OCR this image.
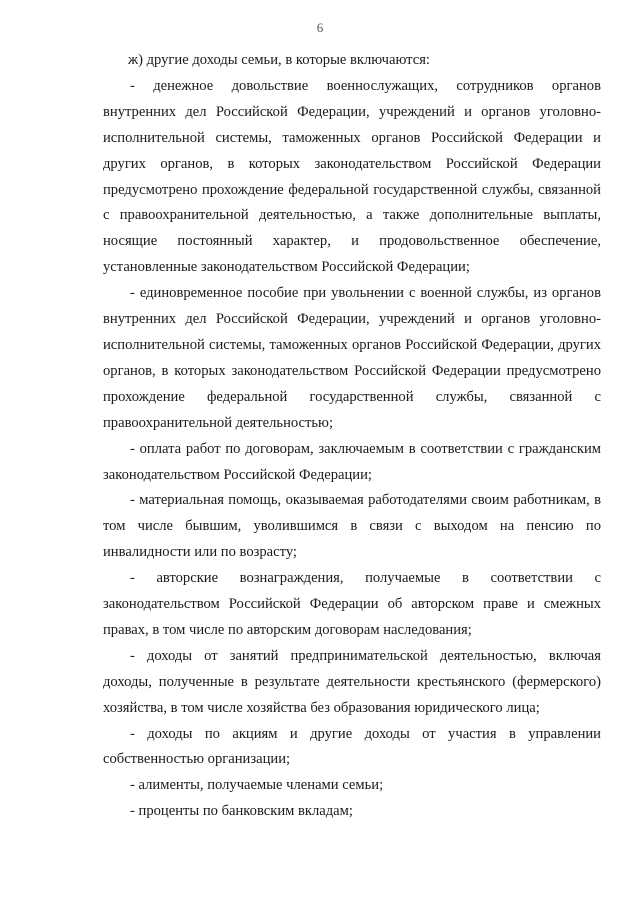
6

ж) другие доходы семьи, в которые включаются:

- денежное довольствие военнослужащих, сотрудников органов внутренних дел Российской Федерации, учреждений и органов уголовно-исполнительной системы, таможенных органов Российской Федерации и других органов, в которых законодательством Российской Федерации предусмотрено прохождение федеральной государственной службы, связанной с правоохранительной деятельностью, а также дополнительные выплаты, носящие постоянный характер, и продовольственное обеспечение, установленные законодательством Российской Федерации;

- единовременное пособие при увольнении с военной службы, из органов внутренних дел Российской Федерации, учреждений и органов уголовно-исполнительной системы, таможенных органов Российской Федерации, других органов, в которых законодательством Российской Федерации предусмотрено прохождение федеральной государственной службы, связанной с правоохранительной деятельностью;

- оплата работ по договорам, заключаемым в соответствии с гражданским законодательством Российской Федерации;

- материальная помощь, оказываемая работодателями своим работникам, в том числе бывшим, уволившимся в связи с выходом на пенсию по инвалидности или по возрасту;

- авторские вознаграждения, получаемые в соответствии с законодательством Российской Федерации об авторском праве и смежных правах, в том числе по авторским договорам наследования;

- доходы от занятий предпринимательской деятельностью, включая доходы, полученные в результате деятельности крестьянского (фермерского) хозяйства, в том числе хозяйства без образования юридического лица;

- доходы по акциям и другие доходы от участия в управлении собственностью организации;

- алименты, получаемые членами семьи;

- проценты по банковским вкладам;
